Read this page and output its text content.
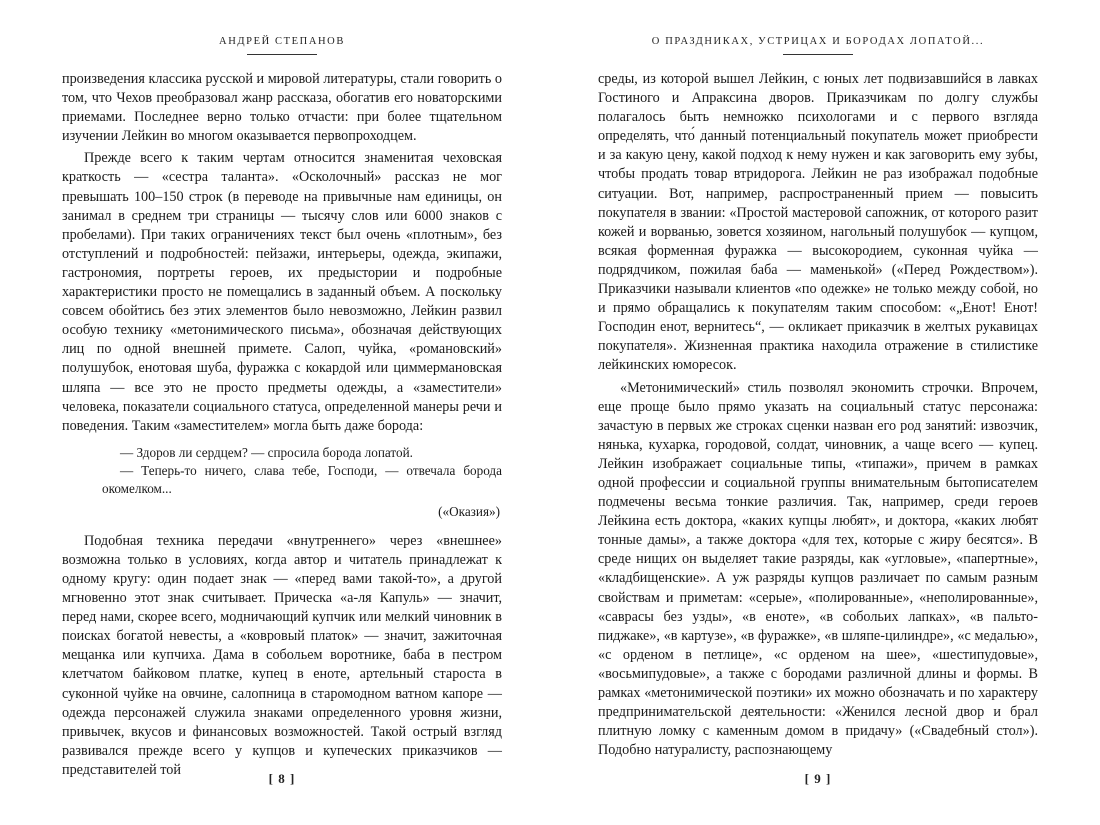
АНДРЕЙ СТЕПАНОВ

произведения классика русской и мировой литературы, стали говорить о том, что Чехов преобразовал жанр рассказа, обогатив его новаторскими приемами. Последнее верно только отчасти: при более тщательном изучении Лейкин во многом оказывается первопроходцем.

Прежде всего к таким чертам относится знаменитая чеховская краткость — «сестра таланта». «Осколочный» рассказ не мог превышать 100–150 строк (в переводе на привычные нам единицы, он занимал в среднем три страницы — тысячу слов или 6000 знаков с пробелами). При таких ограничениях текст был очень «плотным», без отступлений и подробностей: пейзажи, интерьеры, одежда, экипажи, гастрономия, портреты героев, их предыстории и подробные характеристики просто не помещались в заданный объем. А поскольку совсем обойтись без этих элементов было невозможно, Лейкин развил особую технику «метонимического письма», обозначая действующих лиц по одной внешней примете. Салоп, чуйка, «романовский» полушубок, енотовая шуба, фуражка с кокардой или циммермановская шляпа — все это не просто предметы одежды, а «заместители» человека, показатели социального статуса, определенной манеры речи и поведения. Таким «заместителем» могла быть даже борода:

— Здоров ли сердцем? — спросила борода лопатой.

— Теперь-то ничего, слава тебе, Господи, — отвечала борода окомелком...

(«Оказия»)

Подобная техника передачи «внутреннего» через «внешнее» возможна только в условиях, когда автор и читатель принадлежат к одному кругу: один подает знак — «перед вами такой-то», а другой мгновенно этот знак считывает. Прическа «а-ля Капуль» — значит, перед нами, скорее всего, модничающий купчик или мелкий чиновник в поисках богатой невесты, а «ковровый платок» — значит, зажиточная мещанка или купчиха. Дама в собольем воротнике, баба в пестром клетчатом байковом платке, купец в еноте, артельный староста в суконной чуйке на овчине, салопница в старомодном ватном капоре — одежда персонажей служила знаками определенного уровня жизни, привычек, вкусов и финансовых возможностей. Такой острый взгляд развивался прежде всего у купцов и купеческих приказчиков — представителей той

[ 8 ]
О ПРАЗДНИКАХ, УСТРИЦАХ И БОРОДАХ ЛОПАТОЙ...

среды, из которой вышел Лейкин, с юных лет подвизавшийся в лавках Гостиного и Апраксина дворов. Приказчикам по долгу службы полагалось быть немножко психологами и с первого взгляда определять, что́ данный потенциальный покупатель может приобрести и за какую цену, какой подход к нему нужен и как заговорить ему зубы, чтобы продать товар втридорога. Лейкин не раз изображал подобные ситуации. Вот, например, распространенный прием — повысить покупателя в звании: «Простой мастеровой сапожник, от которого разит кожей и ворванью, зовется хозяином, нагольный полушубок — купцом, всякая форменная фуражка — высокородием, суконная чуйка — подрядчиком, пожилая баба — маменькой» («Перед Рождеством»). Приказчики называли клиентов «по одежке» не только между собой, но и прямо обращались к покупателям таким способом: «„Енот! Енот! Господин енот, вернитесь“, — окликает приказчик в желтых рукавицах покупателя». Жизненная практика находила отражение в стилистике лейкинских юморесок.

«Метонимический» стиль позволял экономить строчки. Впрочем, еще проще было прямо указать на социальный статус персонажа: зачастую в первых же строках сценки назван его род занятий: извозчик, нянька, кухарка, городовой, солдат, чиновник, а чаще всего — купец. Лейкин изображает социальные типы, «типажи», причем в рамках одной профессии и социальной группы внимательным бытописателем подмечены весьма тонкие различия. Так, например, среди героев Лейкина есть доктора, «каких купцы любят», и доктора, «каких любят тонные дамы», а также доктора «для тех, которые с жиру бесятся». В среде нищих он выделяет такие разряды, как «угловые», «папертные», «кладбищенские». А уж разряды купцов различает по самым разным свойствам и приметам: «серые», «полированные», «неполированные», «саврасы без узды», «в еноте», «в собольих лапках», «в пальто-пиджаке», «в картузе», «в фуражке», «в шляпе-цилиндре», «с медалью», «с орденом в петлице», «с орденом на шее», «шестипудовые», «восьмипудовые», а также с бородами различной длины и формы. В рамках «метонимической поэтики» их можно обозначать и по характеру предпринимательской деятельности: «Женился лесной двор и брал плитную ломку с каменным домом в придачу» («Свадебный стол»). Подобно натуралисту, распознающему

[ 9 ]
